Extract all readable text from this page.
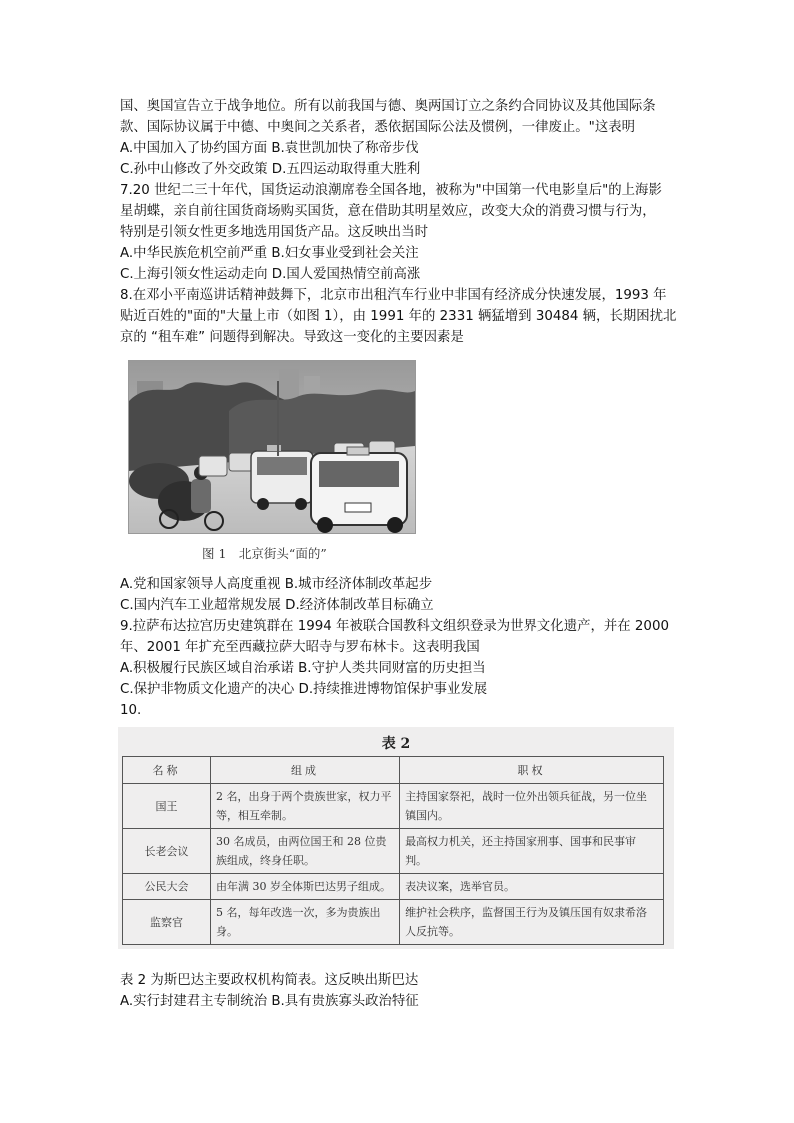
国、奥国宣告立于战争地位。所有以前我国与德、奥两国订立之条约合同协议及其他国际条
款、国际协议属于中德、中奥间之关系者，悉依据国际公法及惯例，一律废止。"这表明
A.中国加入了协约国方面 B.袁世凯加快了称帝步伐
C.孙中山修改了外交政策 D.五四运动取得重大胜利
7.20 世纪二三十年代，国货运动浪潮席卷全国各地，被称为"中国第一代电影皇后"的上海影
星胡蝶，亲自前往国货商场购买国货，意在借助其明星效应，改变大众的消费习惯与行为，
特别是引领女性更多地选用国货产品。这反映出当时
A.中华民族危机空前严重 B.妇女事业受到社会关注
C.上海引领女性运动走向 D.国人爱国热情空前高涨
8.在邓小平南巡讲话精神鼓舞下，北京市出租汽车行业中非国有经济成分快速发展，1993 年
贴近百姓的"面的"大量上市（如图 1），由 1991 年的 2331 辆猛增到 30484 辆，长期困扰北
京的 “租车难” 问题得到解决。导致这一变化的主要因素是
图 1　北京街头“面的”
A.党和国家领导人高度重视 B.城市经济体制改革起步
C.国内汽车工业超常规发展 D.经济体制改革目标确立
9.拉萨布达拉宫历史建筑群在 1994 年被联合国教科文组织登录为世界文化遗产，并在 2000
年、2001 年扩充至西藏拉萨大昭寺与罗布林卡。这表明我国
A.积极履行民族区域自治承诺 B.守护人类共同财富的历史担当
C.保护非物质文化遗产的决心 D.持续推进博物馆保护事业发展
10.
表 2
名称	组成	职权
国王	2 名，出身于两个贵族世家，权力平等，相互牵制。	主持国家祭祀，战时一位外出领兵征战，另一位坐镇国内。
长老会议	30 名成员，由两位国王和 28 位贵族组成，终身任职。	最高权力机关，还主持国家刑事、国事和民事审判。
公民大会	由年满 30 岁全体斯巴达男子组成。	表决议案，选举官员。
监察官	5 名，每年改选一次，多为贵族出身。	维护社会秩序，监督国王行为及镇压国有奴隶希洛人反抗等。
表 2 为斯巴达主要政权机构简表。这反映出斯巴达
A.实行封建君主专制统治 B.具有贵族寡头政治特征
